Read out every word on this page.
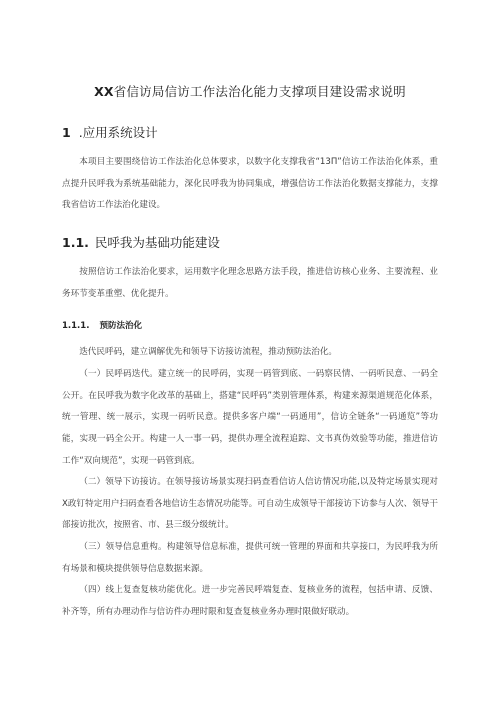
XX省信访局信访工作法治化能力支撑项目建设需求说明
1 .应用系统设计

本项目主要围绕信访工作法治化总体要求，以数字化支撑我省“13Π”信访工作法治化体系，重点提升民呼我为系统基础能力，深化民呼我为协同集成，增强信访工作法治化数据支撑能力，支撑我省信访工作法治化建设。

1.1. 民呼我为基础功能建设

按照信访工作法治化要求，运用数字化理念思路方法手段，推进信访核心业务、主要流程、业务环节变革重塑、优化提升。

1.1.1. 预防法治化

迭代民呼码，建立调解优先和领导下访接访流程，推动预防法治化。

（一）民呼码迭代。建立统一的民呼码，实现一码管到底、一码察民情、一码听民意、一码全公开。在民呼我为数字化改革的基础上，搭建“民呼码”类别管理体系，构建来源渠道规范化体系，统一管理、统一展示，实现一码听民意。提供多客户端“一码通用”，信访全链条“一码通览”等功能，实现一码全公开。构建一人一事一码，提供办理全流程追踪、文书真伪效验等功能，推进信访工作“双向规范”，实现一码管到底。

（二）领导下访接访。在领导接访场景实现扫码查看信访人信访情况功能,以及特定场景实现对X政钉特定用户扫码查看各地信访生态情况功能等。可自动生成领导干部接访下访参与人次、领导干部接访批次，按照省、市、县三级分级统计。

（三）领导信息重构。构建领导信息标准，提供可统一管理的界面和共享接口，为民呼我为所有场景和模块提供领导信息数据来源。

（四）线上复查复核功能优化。进一步完善民呼端复查、复核业务的流程，包括申请、反馈、补齐等，所有办理动作与信访件办理时限和复查复核业务办理时限做好联动。
